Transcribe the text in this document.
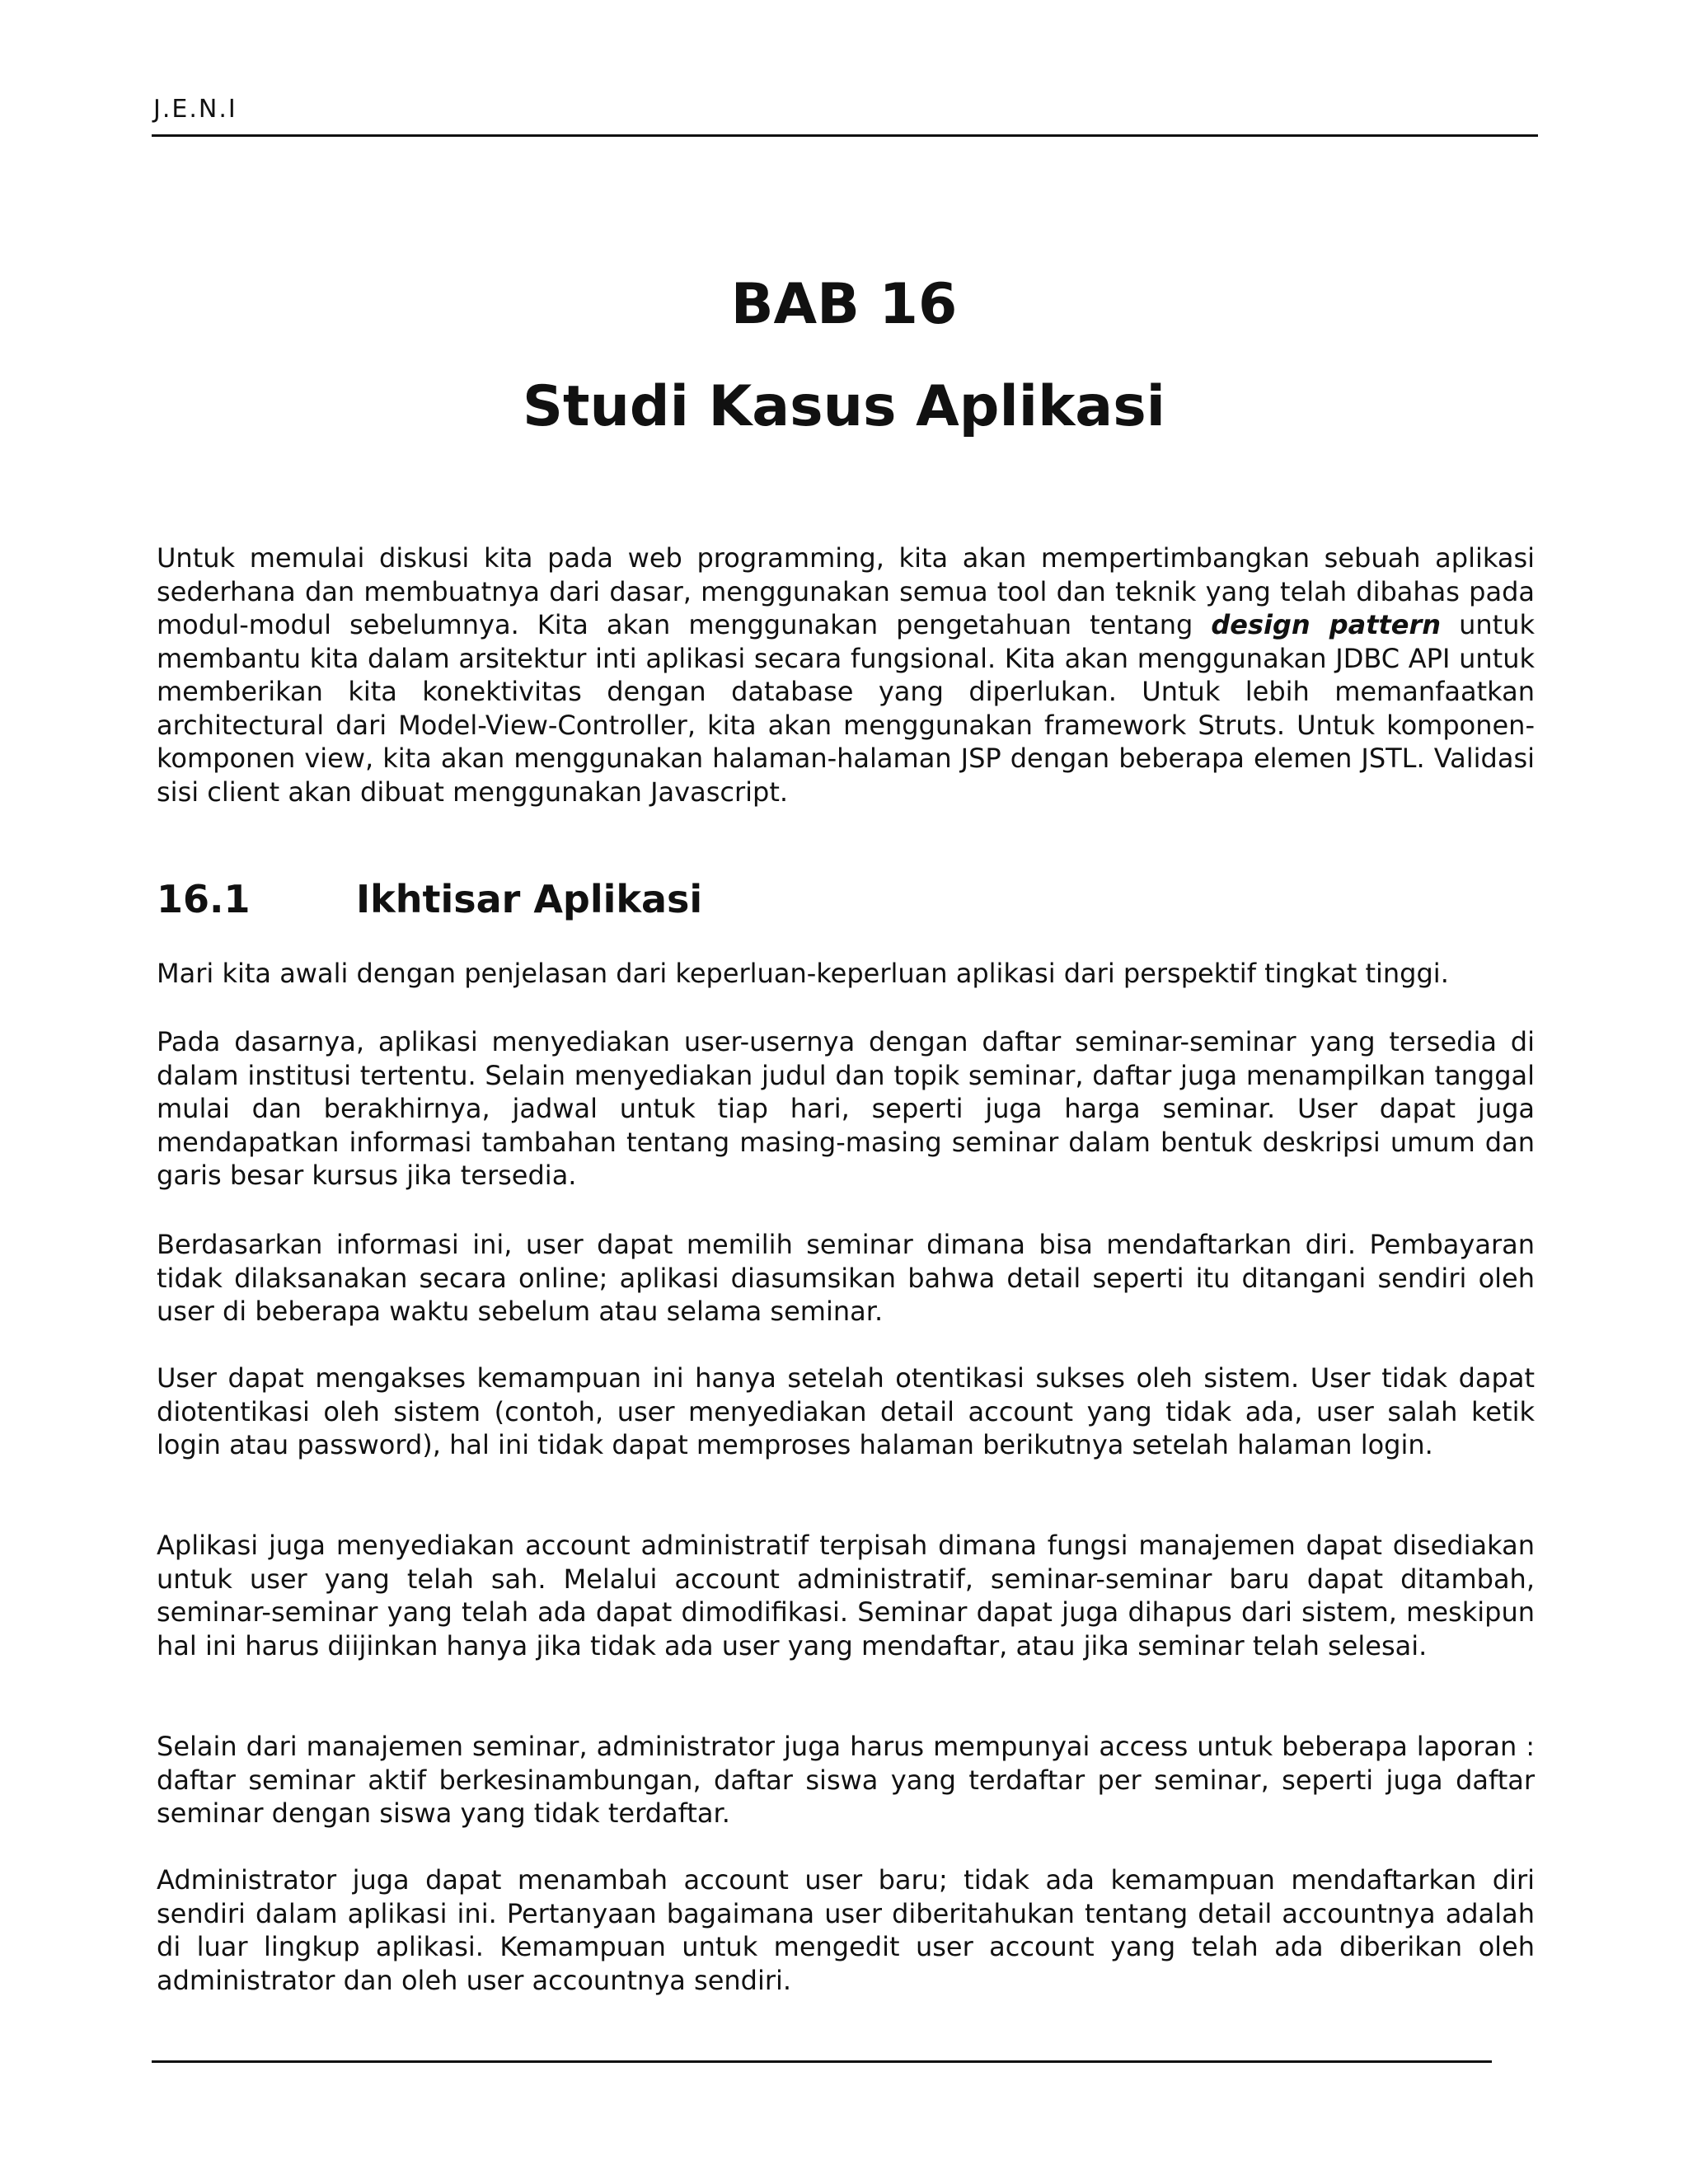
J.E.N.I
BAB 16
Studi Kasus Aplikasi

Untuk memulai diskusi kita pada web programming, kita akan mempertimbangkan sebuah aplikasi sederhana dan membuatnya dari dasar, menggunakan semua tool dan teknik yang telah dibahas pada modul-modul sebelumnya. Kita akan menggunakan pengetahuan tentang design pattern untuk membantu kita dalam arsitektur inti aplikasi secara fungsional. Kita akan menggunakan JDBC API untuk memberikan kita konektivitas dengan database yang diperlukan. Untuk lebih memanfaatkan architectural dari Model-View-Controller, kita akan menggunakan framework Struts. Untuk komponen-komponen view, kita akan menggunakan halaman-halaman JSP dengan beberapa elemen JSTL. Validasi sisi client akan dibuat menggunakan Javascript.

16.1	Ikhtisar Aplikasi

Mari kita awali dengan penjelasan dari keperluan-keperluan aplikasi dari perspektif tingkat tinggi.

Pada dasarnya, aplikasi menyediakan user-usernya dengan daftar seminar-seminar yang tersedia di dalam institusi tertentu. Selain menyediakan judul dan topik seminar, daftar juga menampilkan tanggal mulai dan berakhirnya, jadwal untuk tiap hari, seperti juga harga seminar. User dapat juga mendapatkan informasi tambahan tentang masing-masing seminar dalam bentuk deskripsi umum dan garis besar kursus jika tersedia.

Berdasarkan informasi ini, user dapat memilih seminar dimana bisa mendaftarkan diri. Pembayaran tidak dilaksanakan secara online; aplikasi diasumsikan bahwa detail seperti itu ditangani sendiri oleh user di beberapa waktu sebelum atau selama seminar.

User dapat mengakses kemampuan ini hanya setelah otentikasi sukses oleh sistem. User tidak dapat diotentikasi oleh sistem (contoh, user menyediakan detail account yang tidak ada, user salah ketik login atau password), hal ini tidak dapat memproses halaman berikutnya setelah halaman login.

Aplikasi juga menyediakan account administratif terpisah dimana fungsi manajemen dapat disediakan untuk user yang telah sah. Melalui account administratif, seminar-seminar baru dapat ditambah, seminar-seminar yang telah ada dapat dimodifikasi. Seminar dapat juga dihapus dari sistem, meskipun hal ini harus diijinkan hanya jika tidak ada user yang mendaftar, atau jika seminar telah selesai.

Selain dari manajemen seminar, administrator juga harus mempunyai access untuk beberapa laporan : daftar seminar aktif berkesinambungan, daftar siswa yang terdaftar per seminar, seperti juga daftar seminar dengan siswa yang tidak terdaftar.

Administrator juga dapat menambah account user baru; tidak ada kemampuan mendaftarkan diri sendiri dalam aplikasi ini. Pertanyaan bagaimana user diberitahukan tentang detail accountnya adalah di luar lingkup aplikasi. Kemampuan untuk mengedit user account yang telah ada diberikan oleh administrator dan oleh user accountnya sendiri.
